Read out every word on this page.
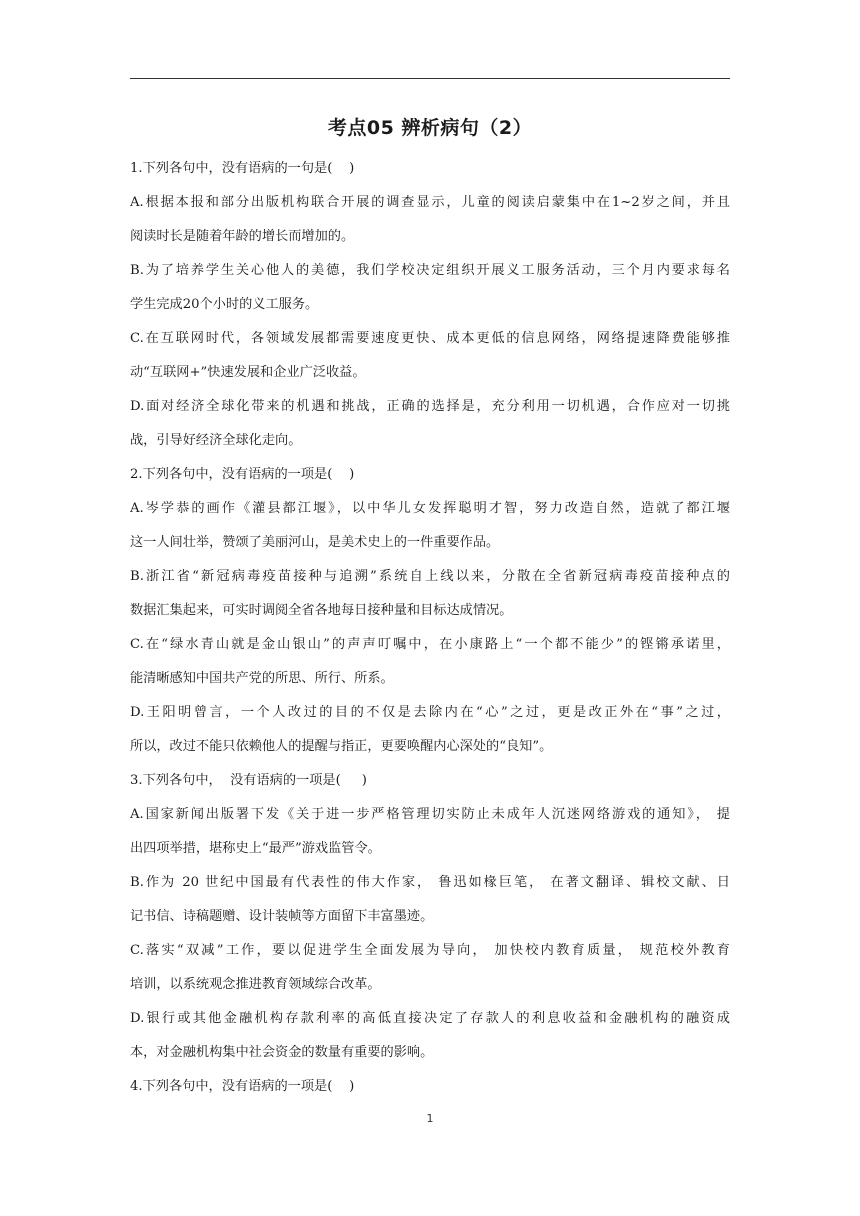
考点05 辨析病句（2）
1.下列各句中，没有语病的一句是(    )
A.根据本报和部分出版机构联合开展的调查显示，儿童的阅读启蒙集中在1~2岁之间，并且
阅读时长是随着年龄的增长而增加的。
B.为了培养学生关心他人的美德，我们学校决定组织开展义工服务活动，三个月内要求每名
学生完成20个小时的义工服务。
C.在互联网时代，各领域发展都需要速度更快、成本更低的信息网络，网络提速降费能够推
动“互联网+”快速发展和企业广泛收益。
D.面对经济全球化带来的机遇和挑战，正确的选择是，充分利用一切机遇，合作应对一切挑
战，引导好经济全球化走向。
2.下列各句中，没有语病的一项是(    )
A.岑学恭的画作《灌县都江堰》，以中华儿女发挥聪明才智，努力改造自然，造就了都江堰
这一人间壮举，赞颂了美丽河山，是美术史上的一件重要作品。
B.浙江省“新冠病毒疫苗接种与追溯”系统自上线以来，分散在全省新冠病毒疫苗接种点的
数据汇集起来，可实时调阅全省各地每日接种量和目标达成情况。
C.在“绿水青山就是金山银山”的声声叮嘱中，在小康路上“一个都不能少”的铿锵承诺里，
能清晰感知中国共产党的所思、所行、所系。
D.王阳明曾言，一个人改过的目的不仅是去除内在“心”之过，更是改正外在“事”之过，
所以，改过不能只依赖他人的提醒与指正，更要唤醒内心深处的“良知”。
3.下列各句中，  没有语病的一项是(     )
A.国家新闻出版署下发《关于进一步严格管理切实防止未成年人沉迷网络游戏的通知》， 提
出四项举措，堪称史上“最严”游戏监管令。
B.作为 20 世纪中国最有代表性的伟大作家， 鲁迅如椽巨笔， 在著文翻译、辑校文献、日
记书信、诗稿题赠、设计装帧等方面留下丰富墨迹。
C.落实“双减”工作，要以促进学生全面发展为导向， 加快校内教育质量， 规范校外教育
培训，以系统观念推进教育领域综合改革。
D.银行或其他金融机构存款利率的高低直接决定了存款人的利息收益和金融机构的融资成
本，对金融机构集中社会资金的数量有重要的影响。
4.下列各句中，没有语病的一项是(    )
1
